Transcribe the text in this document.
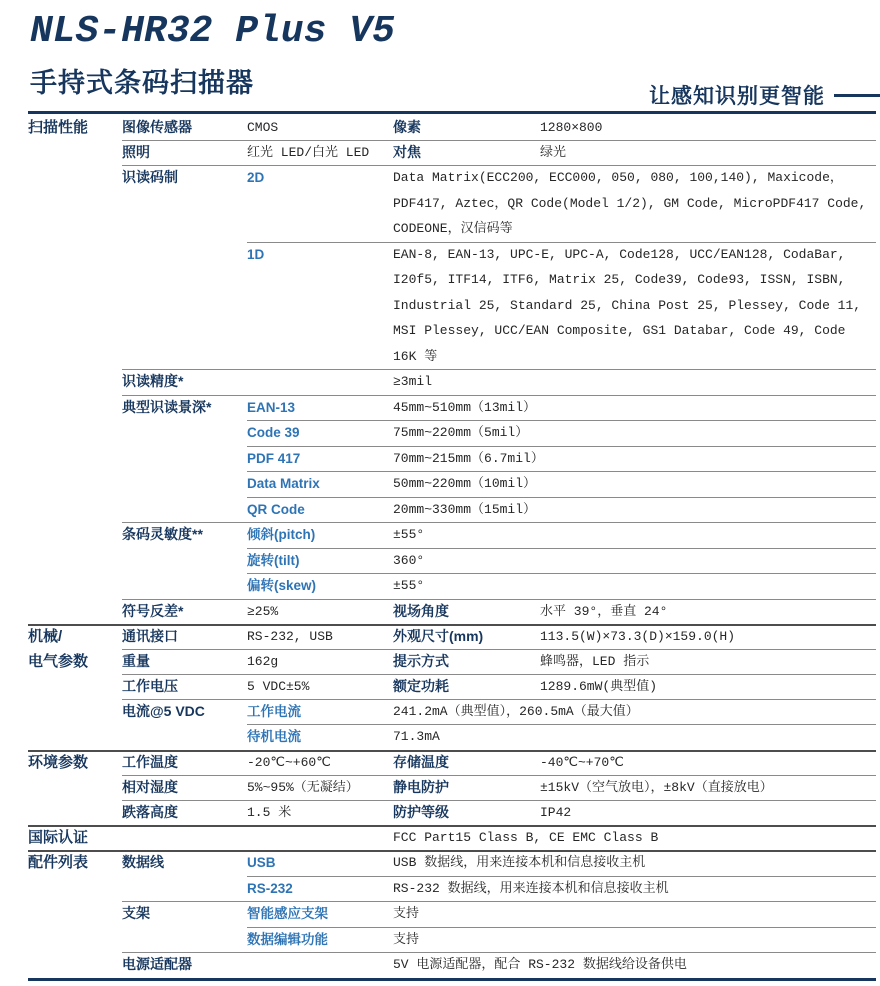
NLS-HR32 Plus V5
手持式条码扫描器	让感知识别更智能
扫描性能	图像传感器	CMOS	像素	1280×800
照明	红光 LED/白光 LED	对焦	绿光
识读码制	2D	Data Matrix(ECC200, ECC000, 050, 080, 100,140), Maxicode，PDF417, Aztec，QR Code(Model 1/2), GM Code, MicroPDF417 Code, CODEONE，汉信码等
1D	EAN-8, EAN-13, UPC-E, UPC-A, Code128, UCC/EAN128, CodaBar, I20f5, ITF14, ITF6, Matrix 25, Code39, Code93, ISSN, ISBN, Industrial 25, Standard 25, China Post 25, Plessey, Code 11, MSI Plessey, UCC/EAN Composite, GS1 Databar, Code 49, Code 16K 等
识读精度*	≥3mil
典型识读景深*	EAN-13	45mm~510mm（13mil）
Code 39	75mm~220mm（5mil）
PDF 417	70mm~215mm（6.7mil）
Data Matrix	50mm~220mm（10mil）
QR Code	20mm~330mm（15mil）
条码灵敏度**	倾斜(pitch)	±55°
旋转(tilt)	360°
偏转(skew)	±55°
符号反差*	≥25%	视场角度	水平 39°，垂直 24°
机械/	通讯接口	RS-232, USB	外观尺寸(mm)	113.5(W)×73.3(D)×159.0(H)
电气参数	重量	162g	提示方式	蜂鸣器，LED 指示
工作电压	5 VDC±5%	额定功耗	1289.6mW(典型值)
电流@5 VDC	工作电流	241.2mA（典型值），260.5mA（最大值）
待机电流	71.3mA
环境参数	工作温度	-20℃~+60℃	存储温度	-40℃~+70℃
相对湿度	5%~95%（无凝结）	静电防护	±15kV（空气放电），±8kV（直接放电）
跌落高度	1.5 米	防护等级	IP42
国际认证	FCC Part15 Class B, CE EMC Class B
配件列表	数据线	USB	USB 数据线，用来连接本机和信息接收主机
RS-232	RS-232 数据线，用来连接本机和信息接收主机
支架	智能感应支架	支持
数据编辑功能	支持
电源适配器	5V 电源适配器，配合 RS-232 数据线给设备供电
